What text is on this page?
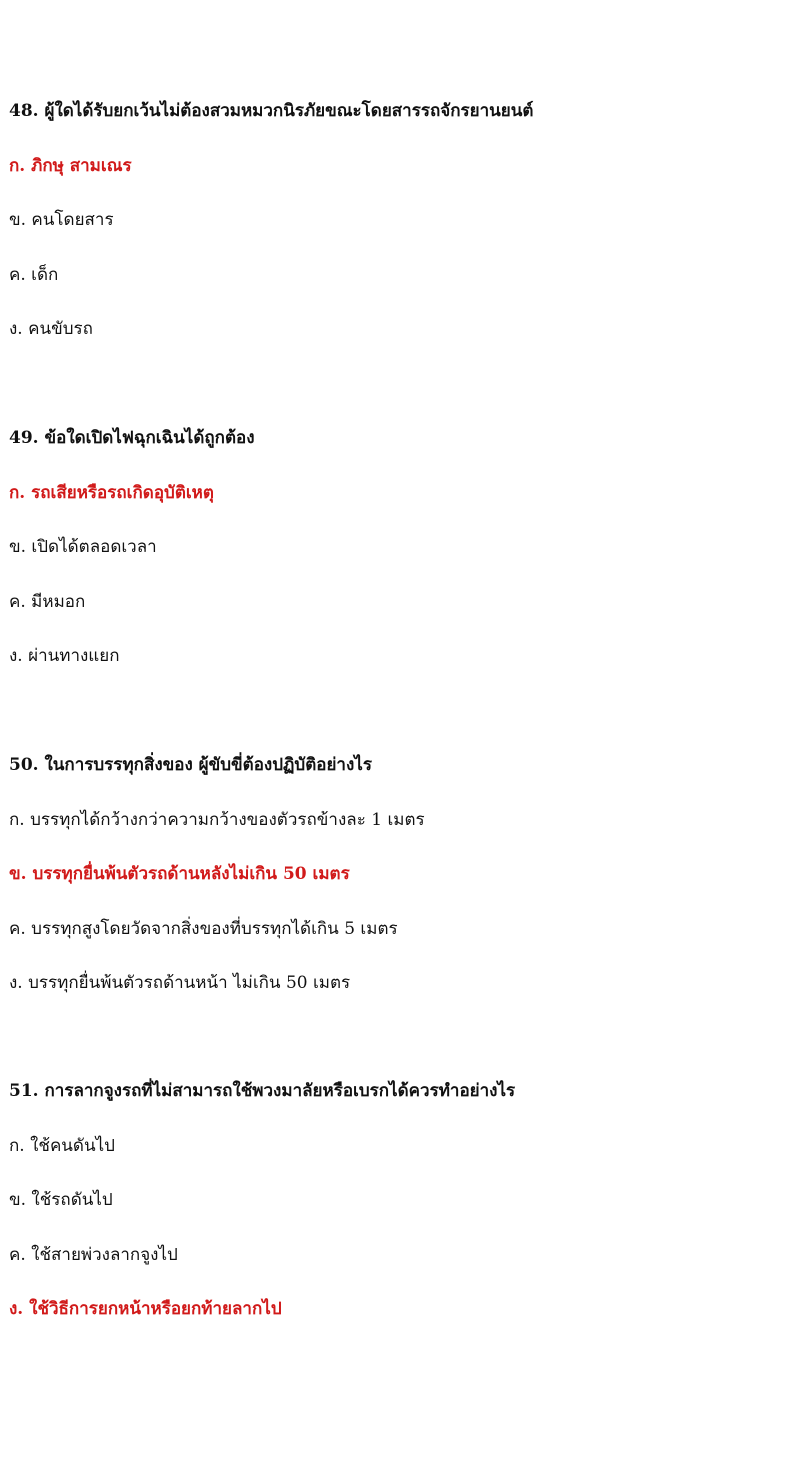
48. ผู้ใดได้รับยกเว้นไม่ต้องสวมหมวกนิรภัยขณะโดยสารรถจักรยานยนต์
ก. ภิกษุ สามเณร
ข. คนโดยสาร
ค. เด็ก
ง. คนขับรถ
49. ข้อใดเปิดไฟฉุกเฉินได้ถูกต้อง
ก. รถเสียหรือรถเกิดอุบัติเหตุ
ข. เปิดได้ตลอดเวลา
ค. มีหมอก
ง. ผ่านทางแยก
50. ในการบรรทุกสิ่งของ ผู้ขับขี่ต้องปฏิบัติอย่างไร
ก. บรรทุกได้กว้างกว่าความกว้างของตัวรถข้างละ 1 เมตร
ข. บรรทุกยื่นพ้นตัวรถด้านหลังไม่เกิน 50 เมตร
ค. บรรทุกสูงโดยวัดจากสิ่งของที่บรรทุกได้เกิน 5 เมตร
ง. บรรทุกยื่นพ้นตัวรถด้านหน้า ไม่เกิน 50 เมตร
51. การลากจูงรถที่ไม่สามารถใช้พวงมาลัยหรือเบรกได้ควรทำอย่างไร
ก. ใช้คนดันไป
ข. ใช้รถดันไป
ค. ใช้สายพ่วงลากจูงไป
ง. ใช้วิธีการยกหน้าหรือยกท้ายลากไป
